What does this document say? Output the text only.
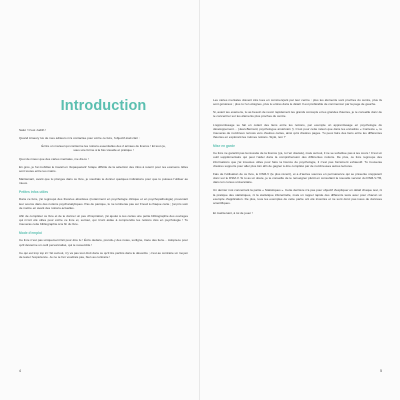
Introduction

Salut ! C'est Judith !

Quand Amaury lux de mes éditeurs m'a contactée pour écrire ce livre, l'objectif était clair :

Écrire un manuel qui contienne les notions essentielles des 2 années de licence ! Et tout ça, sous une forme à la fois visuelle et pratique !

Quoi de mieux que des cartes mentales, me dis-tu !

En gros, je l'ai mobilisé le travail en 'dépaquetant' l'étape difficile de la sélection des infos à retenir pour tes examens. Elles sont toutes entre tes mains.

Maintenant, avant que tu plonges dans ce livre, je voudrais te donner quelques indications pour que tu puisses l'utiliser au mieux.

Petites infos utiles

Dans ce livre, j'ai regroupé des théories abordées (notamment en psychologie clinique et en psychopathologie) provenant leur source dans des notions psychanalytiques. Pas de panique, tu ne tomberas pas sur Freud à chaque carte ; j'ai pris soin de mettre en avant des notions actuelles.

Afin de compléter ce livre et de te donner un peu d'inspiration, j'ai ajouté à ces cartes une petite bibliographie des ouvrages qui m'ont été utiles pour écrire ce livre et, surtout, qui m'ont aidée à comprendre les notions clés en psychologie ! Tu trouveras cette bibliographie à la fin du livre.

Mode d'emploi

Ce livre n'est pas uniquement fait pour être lu ! Écris dedans, prends-y des notes, surligne, trace des liens… Adopte-le pour qu'il devienne un outil personnalisé, qui te ressemble !

Ce qui est trop top ici ! Et surtout, n'y va pas tout droit dans ce qu'il tire parfois dans le désordre ; c'est au contraire un moyen de tester l'expérience. Je ne te l'en voudrais pas, bien au contraire !

4

Les cartes mentales doivent être lues en commençant par leur centre : plus les éléments sont proches du centre, plus ils sont généraux ; plus tu t'en éloignes, plus tu entres dans le détail. Il est préférable de commencer par la page de gauche.

Si, avant tes examens, tu as besoin de revoir rapidement les grands concepts et les grandes théories, je te conseille donc de te concentrer sur les éléments plus proches du centre.

L'apprentissage se fait en colant des liens entre les notions, par exemple un apprentissage en psychologie du développement… (Jean-Bernard, psychologue américain !). C'est pour cette raison que dans les encadrés « Contexte », tu trouveras de nombreux renvois vers d'autres cartes, ainsi qu'à d'autres pages. Tu peux faire des liens entre les différentes théories en explorant les mêmes notions. Stylé, non ?

Mise en garde

Ce livre ne garantit pas la réussite de ta licence (ça, tu t'en doutais), mais surtout, il ne se substitue pas à tes cours ! C'est un outil supplémentaire qui peut t'aider dans la compréhension des différentes notions. De plus, ce livre regroupe des informations que j'ai trouvées utiles pour faire ta licence de psychologie, il n'est pas forcément exhaustif. Tu trouveras d'autres supports pour aller plus loin afin de gagner à être complété par de nombreuses autres lectures.

Fais de l'utilisation de ce livre, le DSM-V (le plus récent), et a d'autres sources en permanence qui se présente s'appuient donc sur le DSM-V. Si tu as un doute, je te conseille de te renseigner plutôt en consultant la nouvelle version du DSM-V-TR, dans ton cursus universitaire.

Un dernier mot concernant la partie « Statistiques ». Cette dernière n'a pas pour objectif d'expliquer en détail chaque test, ni la pratique des statistiques, ni la statistique inférentielle, mais un rappel rapide des différents tests avec pour chacun un exemple d'application. De plus, tous les exemples de cette partie ont été inventés et ne sont donc pas issus de données scientifiques.

Et maintenant, à toi de jouer !

5
